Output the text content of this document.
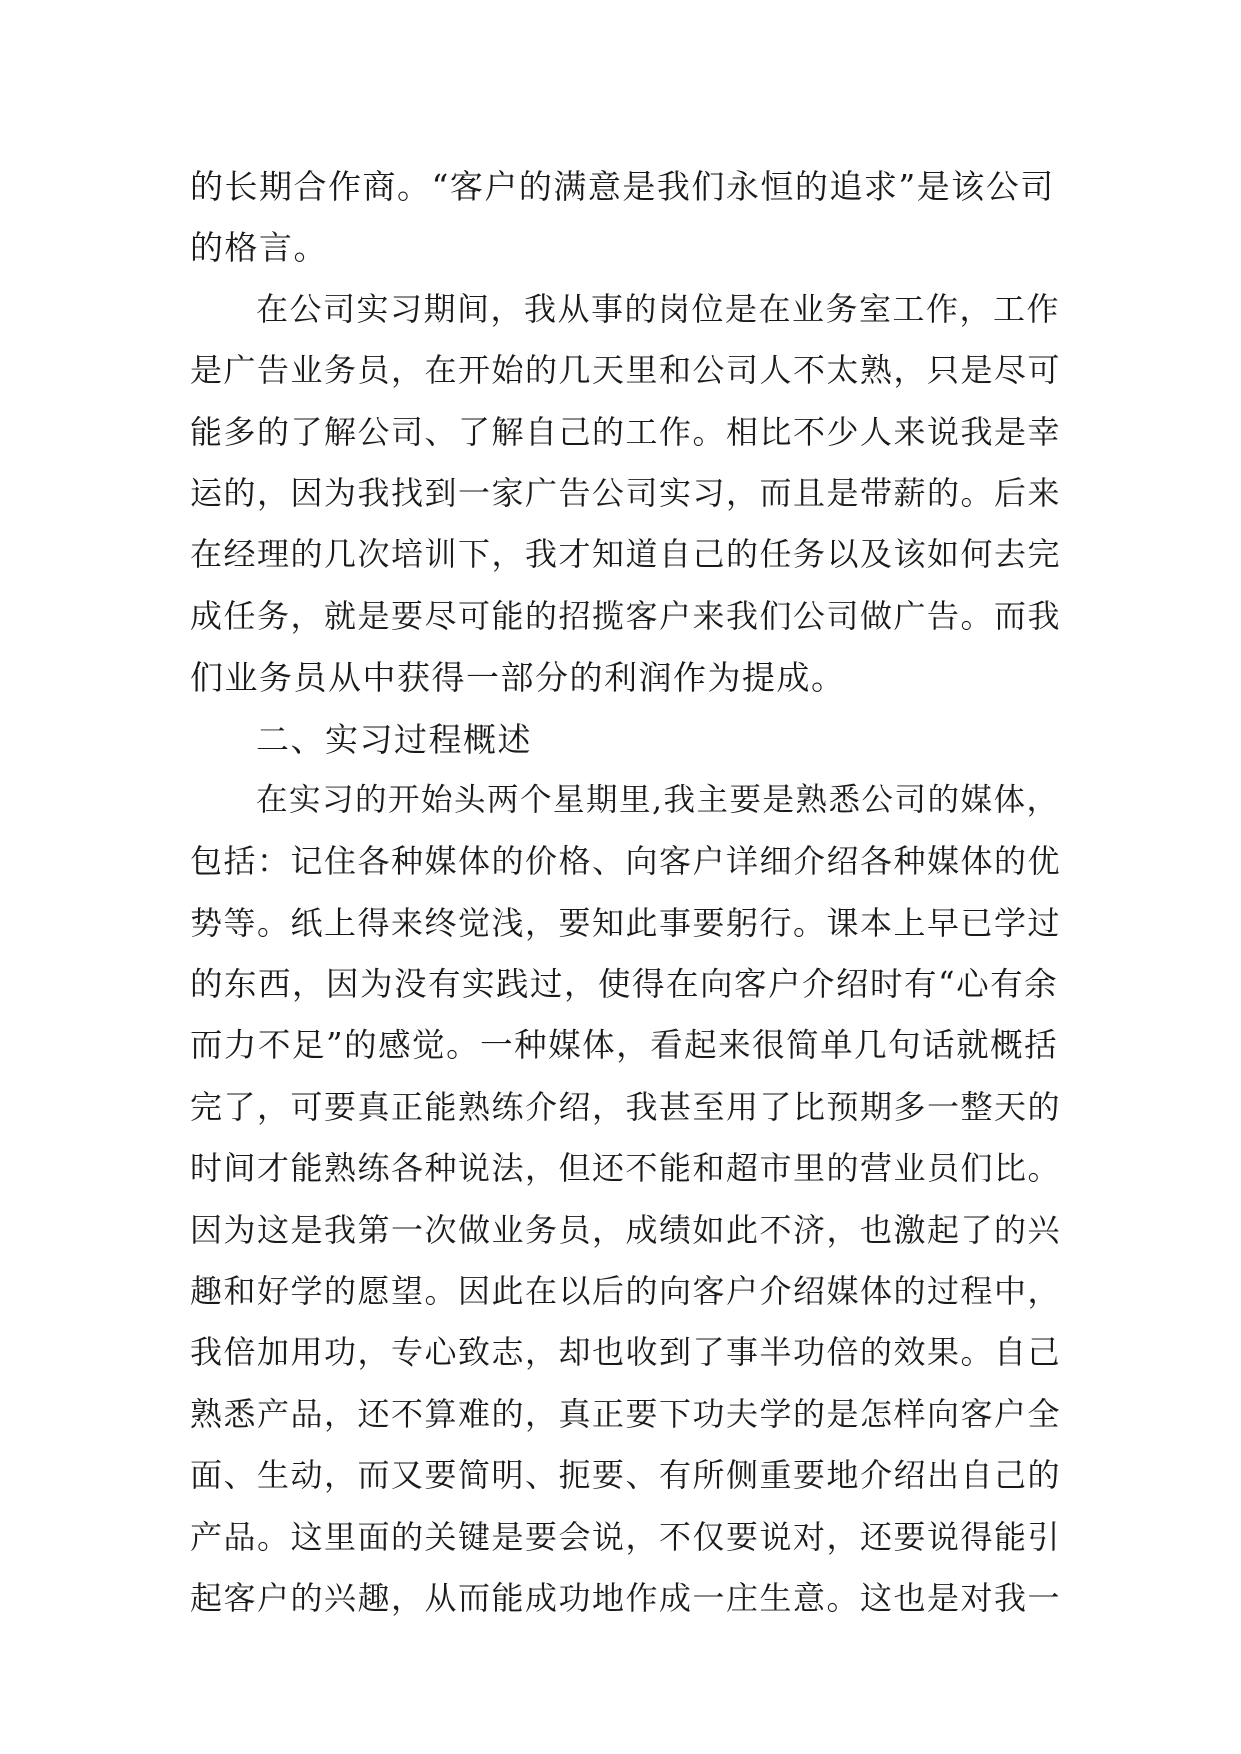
的长期合作商。“客户的满意是我们永恒的追求”是该公司
的格言。
在公司实习期间，我从事的岗位是在业务室工作，工作
是广告业务员，在开始的几天里和公司人不太熟，只是尽可
能多的了解公司、了解自己的工作。相比不少人来说我是幸
运的，因为我找到一家广告公司实习，而且是带薪的。后来
在经理的几次培训下，我才知道自己的任务以及该如何去完
成任务，就是要尽可能的招揽客户来我们公司做广告。而我
们业务员从中获得一部分的利润作为提成。
二、实习过程概述
在实习的开始头两个星期里,我主要是熟悉公司的媒体，
包括：记住各种媒体的价格、向客户详细介绍各种媒体的优
势等。纸上得来终觉浅，要知此事要躬行。课本上早已学过
的东西，因为没有实践过，使得在向客户介绍时有“心有余
而力不足”的感觉。一种媒体，看起来很简单几句话就概括
完了，可要真正能熟练介绍，我甚至用了比预期多一整天的
时间才能熟练各种说法，但还不能和超市里的营业员们比。
因为这是我第一次做业务员，成绩如此不济，也激起了的兴
趣和好学的愿望。因此在以后的向客户介绍媒体的过程中，
我倍加用功，专心致志，却也收到了事半功倍的效果。自己
熟悉产品，还不算难的，真正要下功夫学的是怎样向客户全
面、生动，而又要简明、扼要、有所侧重要地介绍出自己的
产品。这里面的关键是要会说，不仅要说对，还要说得能引
起客户的兴趣，从而能成功地作成一庄生意。这也是对我一
